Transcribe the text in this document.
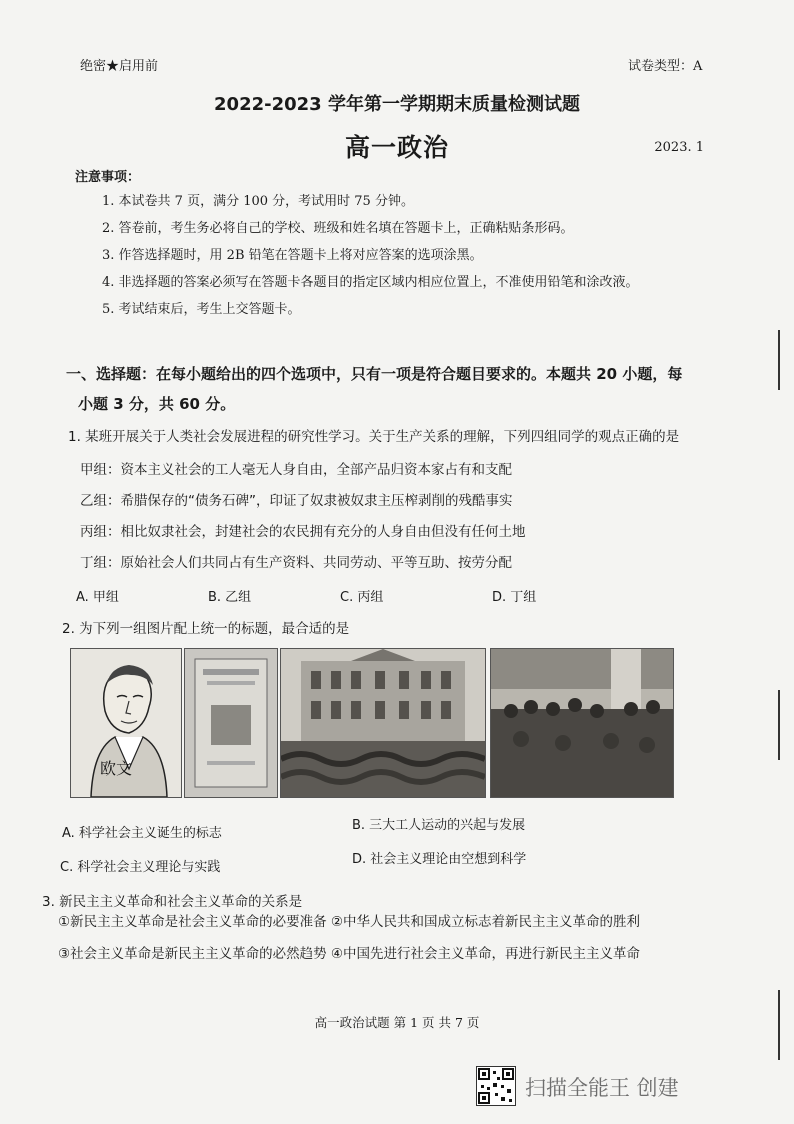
绝密★启用前	试卷类型：A
2022-2023 学年第一学期期末质量检测试题
高一政治	2023. 1
注意事项：
1. 本试卷共 7 页，满分 100 分，考试用时 75 分钟。
2. 答卷前，考生务必将自己的学校、班级和姓名填在答题卡上，正确粘贴条形码。
3. 作答选择题时，用 2B 铅笔在答题卡上将对应答案的选项涂黑。
4. 非选择题的答案必须写在答题卡各题目的指定区域内相应位置上，不准使用铅笔和涂改液。
5. 考试结束后，考生上交答题卡。
一、选择题：在每小题给出的四个选项中，只有一项是符合题目要求的。本题共 20 小题，每
小题 3 分，共 60 分。
1. 某班开展关于人类社会发展进程的研究性学习。关于生产关系的理解，下列四组同学的观点正确的是
甲组：资本主义社会的工人毫无人身自由，全部产品归资本家占有和支配
乙组：希腊保存的“债务石碑”，印证了奴隶被奴隶主压榨剥削的残酷事实
丙组：相比奴隶社会，封建社会的农民拥有充分的人身自由但没有任何土地
丁组：原始社会人们共同占有生产资料、共同劳动、平等互助、按劳分配
A. 甲组	B. 乙组	C. 丙组	D. 丁组
2. 为下列一组图片配上统一的标题，最合适的是
欧文
A. 科学社会主义诞生的标志
B. 三大工人运动的兴起与发展
C. 科学社会主义理论与实践
D. 社会主义理论由空想到科学
3. 新民主主义革命和社会主义革命的关系是
①新民主主义革命是社会主义革命的必要准备 ②中华人民共和国成立标志着新民主主义革命的胜利
③社会主义革命是新民主主义革命的必然趋势 ④中国先进行社会主义革命，再进行新民主主义革命
高一政治试题 第 1 页 共 7 页
扫描全能王 创建
